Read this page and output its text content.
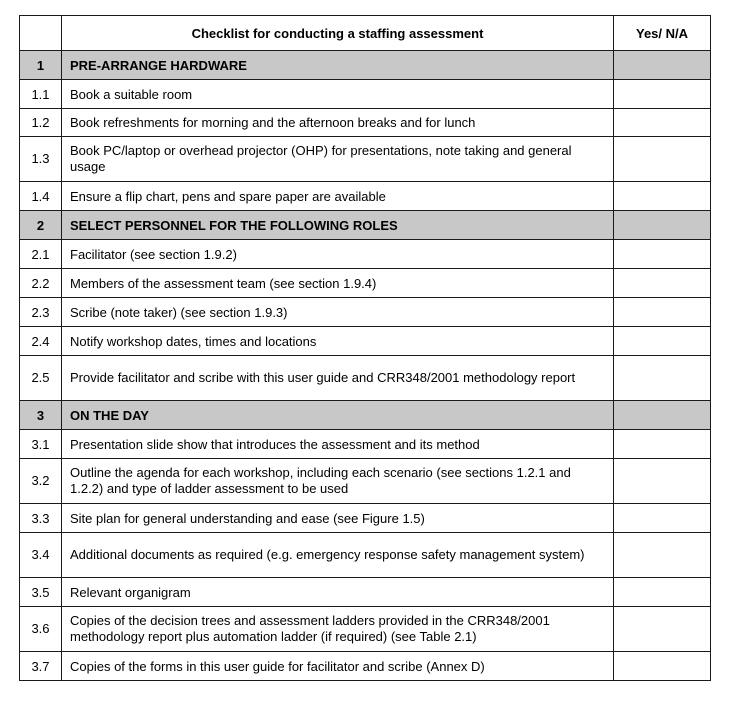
	Checklist for conducting a staffing assessment	Yes/ N/A
1	PRE-ARRANGE HARDWARE	
1.1	Book a suitable room	
1.2	Book refreshments for morning and the afternoon breaks and for lunch	
1.3	Book PC/laptop or overhead projector (OHP) for presentations, note taking and general usage	
1.4	Ensure a flip chart, pens and spare paper are available	
2	SELECT PERSONNEL FOR THE FOLLOWING ROLES	
2.1	Facilitator (see section 1.9.2)	
2.2	Members of the assessment team (see section 1.9.4)	
2.3	Scribe (note taker) (see section 1.9.3)	
2.4	Notify workshop dates, times and locations	
2.5	Provide facilitator and scribe with this user guide and CRR348/2001 methodology report	
3	ON THE DAY	
3.1	Presentation slide show that introduces the assessment and its method	
3.2	Outline the agenda for each workshop, including each scenario (see sections 1.2.1 and 1.2.2) and type of ladder assessment to be used	
3.3	Site plan for general understanding and ease (see Figure 1.5)	
3.4	Additional documents as required (e.g. emergency response safety management system)	
3.5	Relevant organigram	
3.6	Copies of the decision trees and assessment ladders provided in the CRR348/2001 methodology report plus automation ladder (if required) (see Table 2.1)	
3.7	Copies of the forms in this user guide for facilitator and scribe (Annex D)	
